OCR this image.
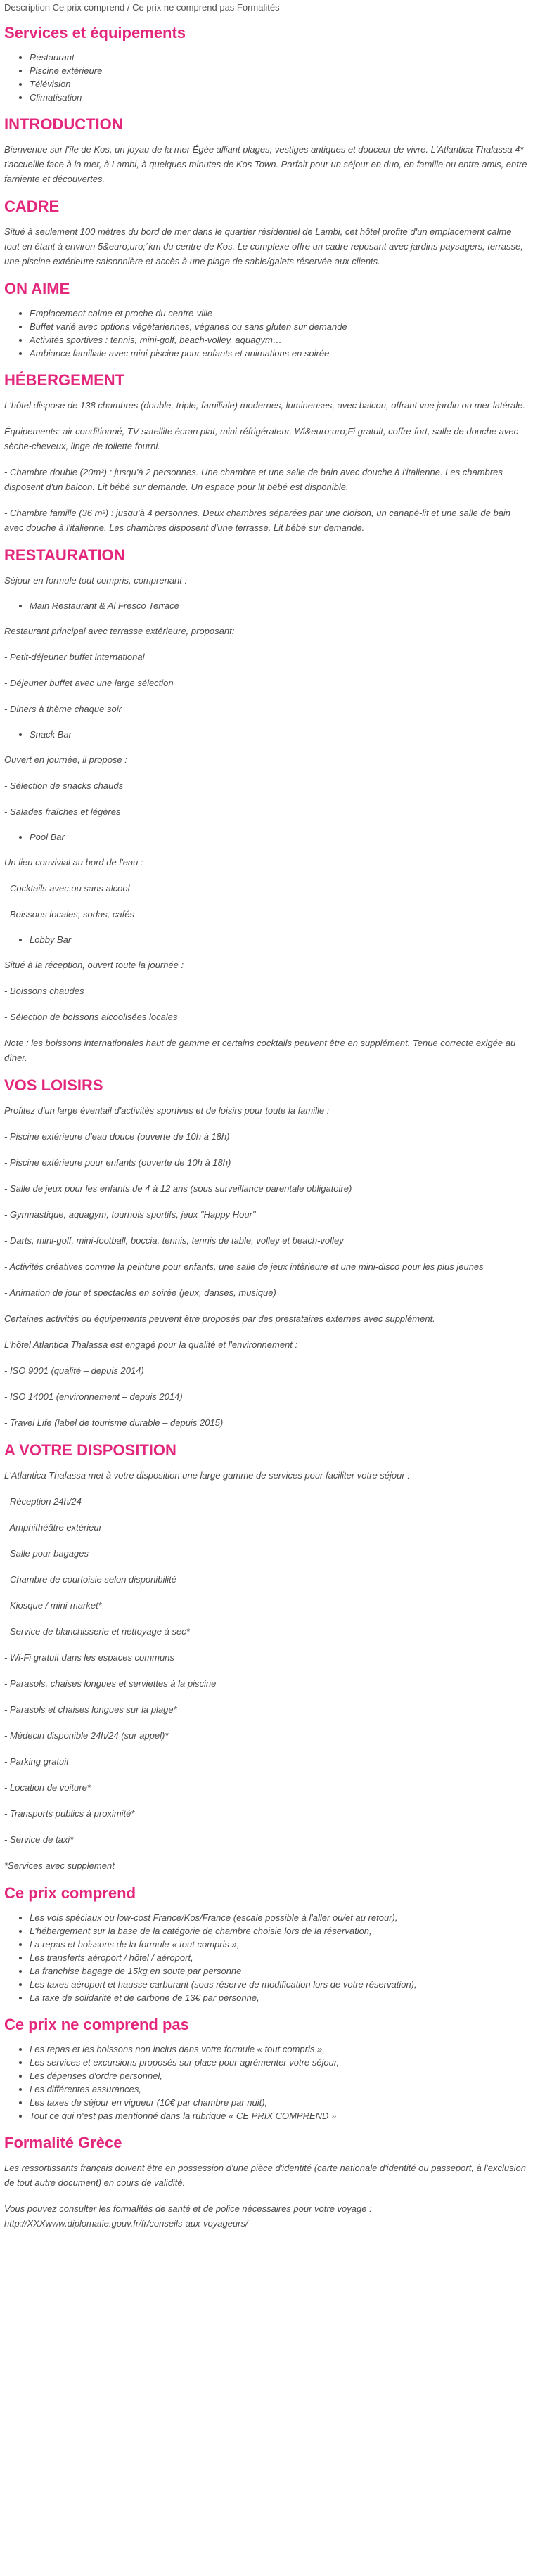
Description Ce prix comprend / Ce prix ne comprend pas Formalités
Services et équipements
• Restaurant
• Piscine extérieure
• Télévision
• Climatisation
INTRODUCTION

Bienvenue sur l'île de Kos, un joyau de la mer Égée alliant plages, vestiges antiques et douceur de vivre. L'Atlantica Thalassa 4* t'accueille face à la mer, à Lambi, à quelques minutes de Kos Town. Parfait pour un séjour en duo, en famille ou entre amis, entre farniente et découvertes.

CADRE

Situé à seulement 100 mètres du bord de mer dans le quartier résidentiel de Lambi, cet hôtel profite d'un emplacement calme tout en étant à environ 5&euro;uro;´km du centre de Kos. Le complexe offre un cadre reposant avec jardins paysagers, terrasse, une piscine extérieure saisonnière et accès à une plage de sable/galets réservée aux clients.

ON AIME
• Emplacement calme et proche du centre-ville
• Buffet varié avec options végétariennes, véganes ou sans gluten sur demande
• Activités sportives : tennis, mini-golf, beach-volley, aquagym…
• Ambiance familiale avec mini-piscine pour enfants et animations en soirée
HÉBERGEMENT

L'hôtel dispose de 138 chambres (double, triple, familiale) modernes, lumineuses, avec balcon, offrant vue jardin ou mer latérale.

Équipements: air conditionné, TV satellite écran plat, mini-réfrigérateur, Wi&euro;uro;Fi gratuit, coffre-fort, salle de douche avec sèche-cheveux, linge de toilette fourni.

- Chambre double (20m²) : jusqu'à 2 personnes. Une chambre et une salle de bain avec douche à l'italienne. Les chambres disposent d'un balcon. Lit bébé sur demande. Un espace pour lit bébé est disponible.

- Chambre famille (36 m²) : jusqu'à 4 personnes. Deux chambres séparées par une cloison, un canapé-lit et une salle de bain avec douche à l'italienne. Les chambres disposent d'une terrasse. Lit bébé sur demande.

RESTAURATION

Séjour en formule tout compris, comprenant :

• Main Restaurant & Al Fresco Terrace

Restaurant principal avec terrasse extérieure, proposant:

- Petit-déjeuner buffet international

- Déjeuner buffet avec une large sélection

- Diners à thème chaque soir

• Snack Bar

Ouvert en journée, il propose :

- Sélection de snacks chauds

- Salades fraîches et légères

• Pool Bar

Un lieu convivial au bord de l'eau :

- Cocktails avec ou sans alcool

- Boissons locales, sodas, cafés

• Lobby Bar

Situé à la réception, ouvert toute la journée :

- Boissons chaudes

- Sélection de boissons alcoolisées locales

Note : les boissons internationales haut de gamme et certains cocktails peuvent être en supplément. Tenue correcte exigée au dîner.

VOS LOISIRS

Profitez d'un large éventail d'activités sportives et de loisirs pour toute la famille :

- Piscine extérieure d'eau douce (ouverte de 10h à 18h)

- Piscine extérieure pour enfants (ouverte de 10h à 18h)

- Salle de jeux pour les enfants de 4 à 12 ans (sous surveillance parentale obligatoire)

- Gymnastique, aquagym, tournois sportifs, jeux "Happy Hour"

- Darts, mini-golf, mini-football, boccia, tennis, tennis de table, volley et beach-volley

- Activités créatives comme la peinture pour enfants, une salle de jeux intérieure et une mini-disco pour les plus jeunes

- Animation de jour et spectacles en soirée (jeux, danses, musique)

Certaines activités ou équipements peuvent être proposés par des prestataires externes avec supplément.

L'hôtel Atlantica Thalassa est engagé pour la qualité et l'environnement :

- ISO 9001 (qualité – depuis 2014)

- ISO 14001 (environnement – depuis 2014)

- Travel Life (label de tourisme durable – depuis 2015)

A VOTRE DISPOSITION

L'Atlantica Thalassa met à votre disposition une large gamme de services pour faciliter votre séjour :

- Réception 24h/24

- Amphithéâtre extérieur

- Salle pour bagages

- Chambre de courtoisie selon disponibilité

- Kiosque / mini-market*

- Service de blanchisserie et nettoyage à sec*

- Wi-Fi gratuit dans les espaces communs

- Parasols, chaises longues et serviettes à la piscine

- Parasols et chaises longues sur la plage*

- Médecin disponible 24h/24 (sur appel)*

- Parking gratuit

- Location de voiture*

- Transports publics à proximité*

- Service de taxi*

*Services avec supplement

Ce prix comprend
• Les vols spéciaux ou low-cost France/Kos/France (escale possible à l'aller ou/et au retour),
• L'hébergement sur la base de la catégorie de chambre choisie lors de la réservation,
• La repas et boissons de la formule « tout compris »,
• Les transferts aéroport / hôtel / aéroport,
• La franchise bagage de 15kg en soute par personne
• Les taxes aéroport et hausse carburant (sous réserve de modification lors de votre réservation),
• La taxe de solidarité et de carbone de 13€ par personne,
Ce prix ne comprend pas
• Les repas et les boissons non inclus dans votre formule « tout compris »,
• Les services et excursions proposés sur place pour agrémenter votre séjour,
• Les dépenses d'ordre personnel,
• Les différentes assurances,
• Les taxes de séjour en vigueur (10€ par chambre par nuit),
• Tout ce qui n'est pas mentionné dans la rubrique « CE PRIX COMPREND »
Formalité Grèce

Les ressortissants français doivent être en possession d'une pièce d'identité (carte nationale d'identité ou passeport, à l'exclusion de tout autre document) en cours de validité.

Vous pouvez consulter les formalités de santé et de police nécessaires pour votre voyage : http://XXXwww.diplomatie.gouv.fr/fr/conseils-aux-voyageurs/
